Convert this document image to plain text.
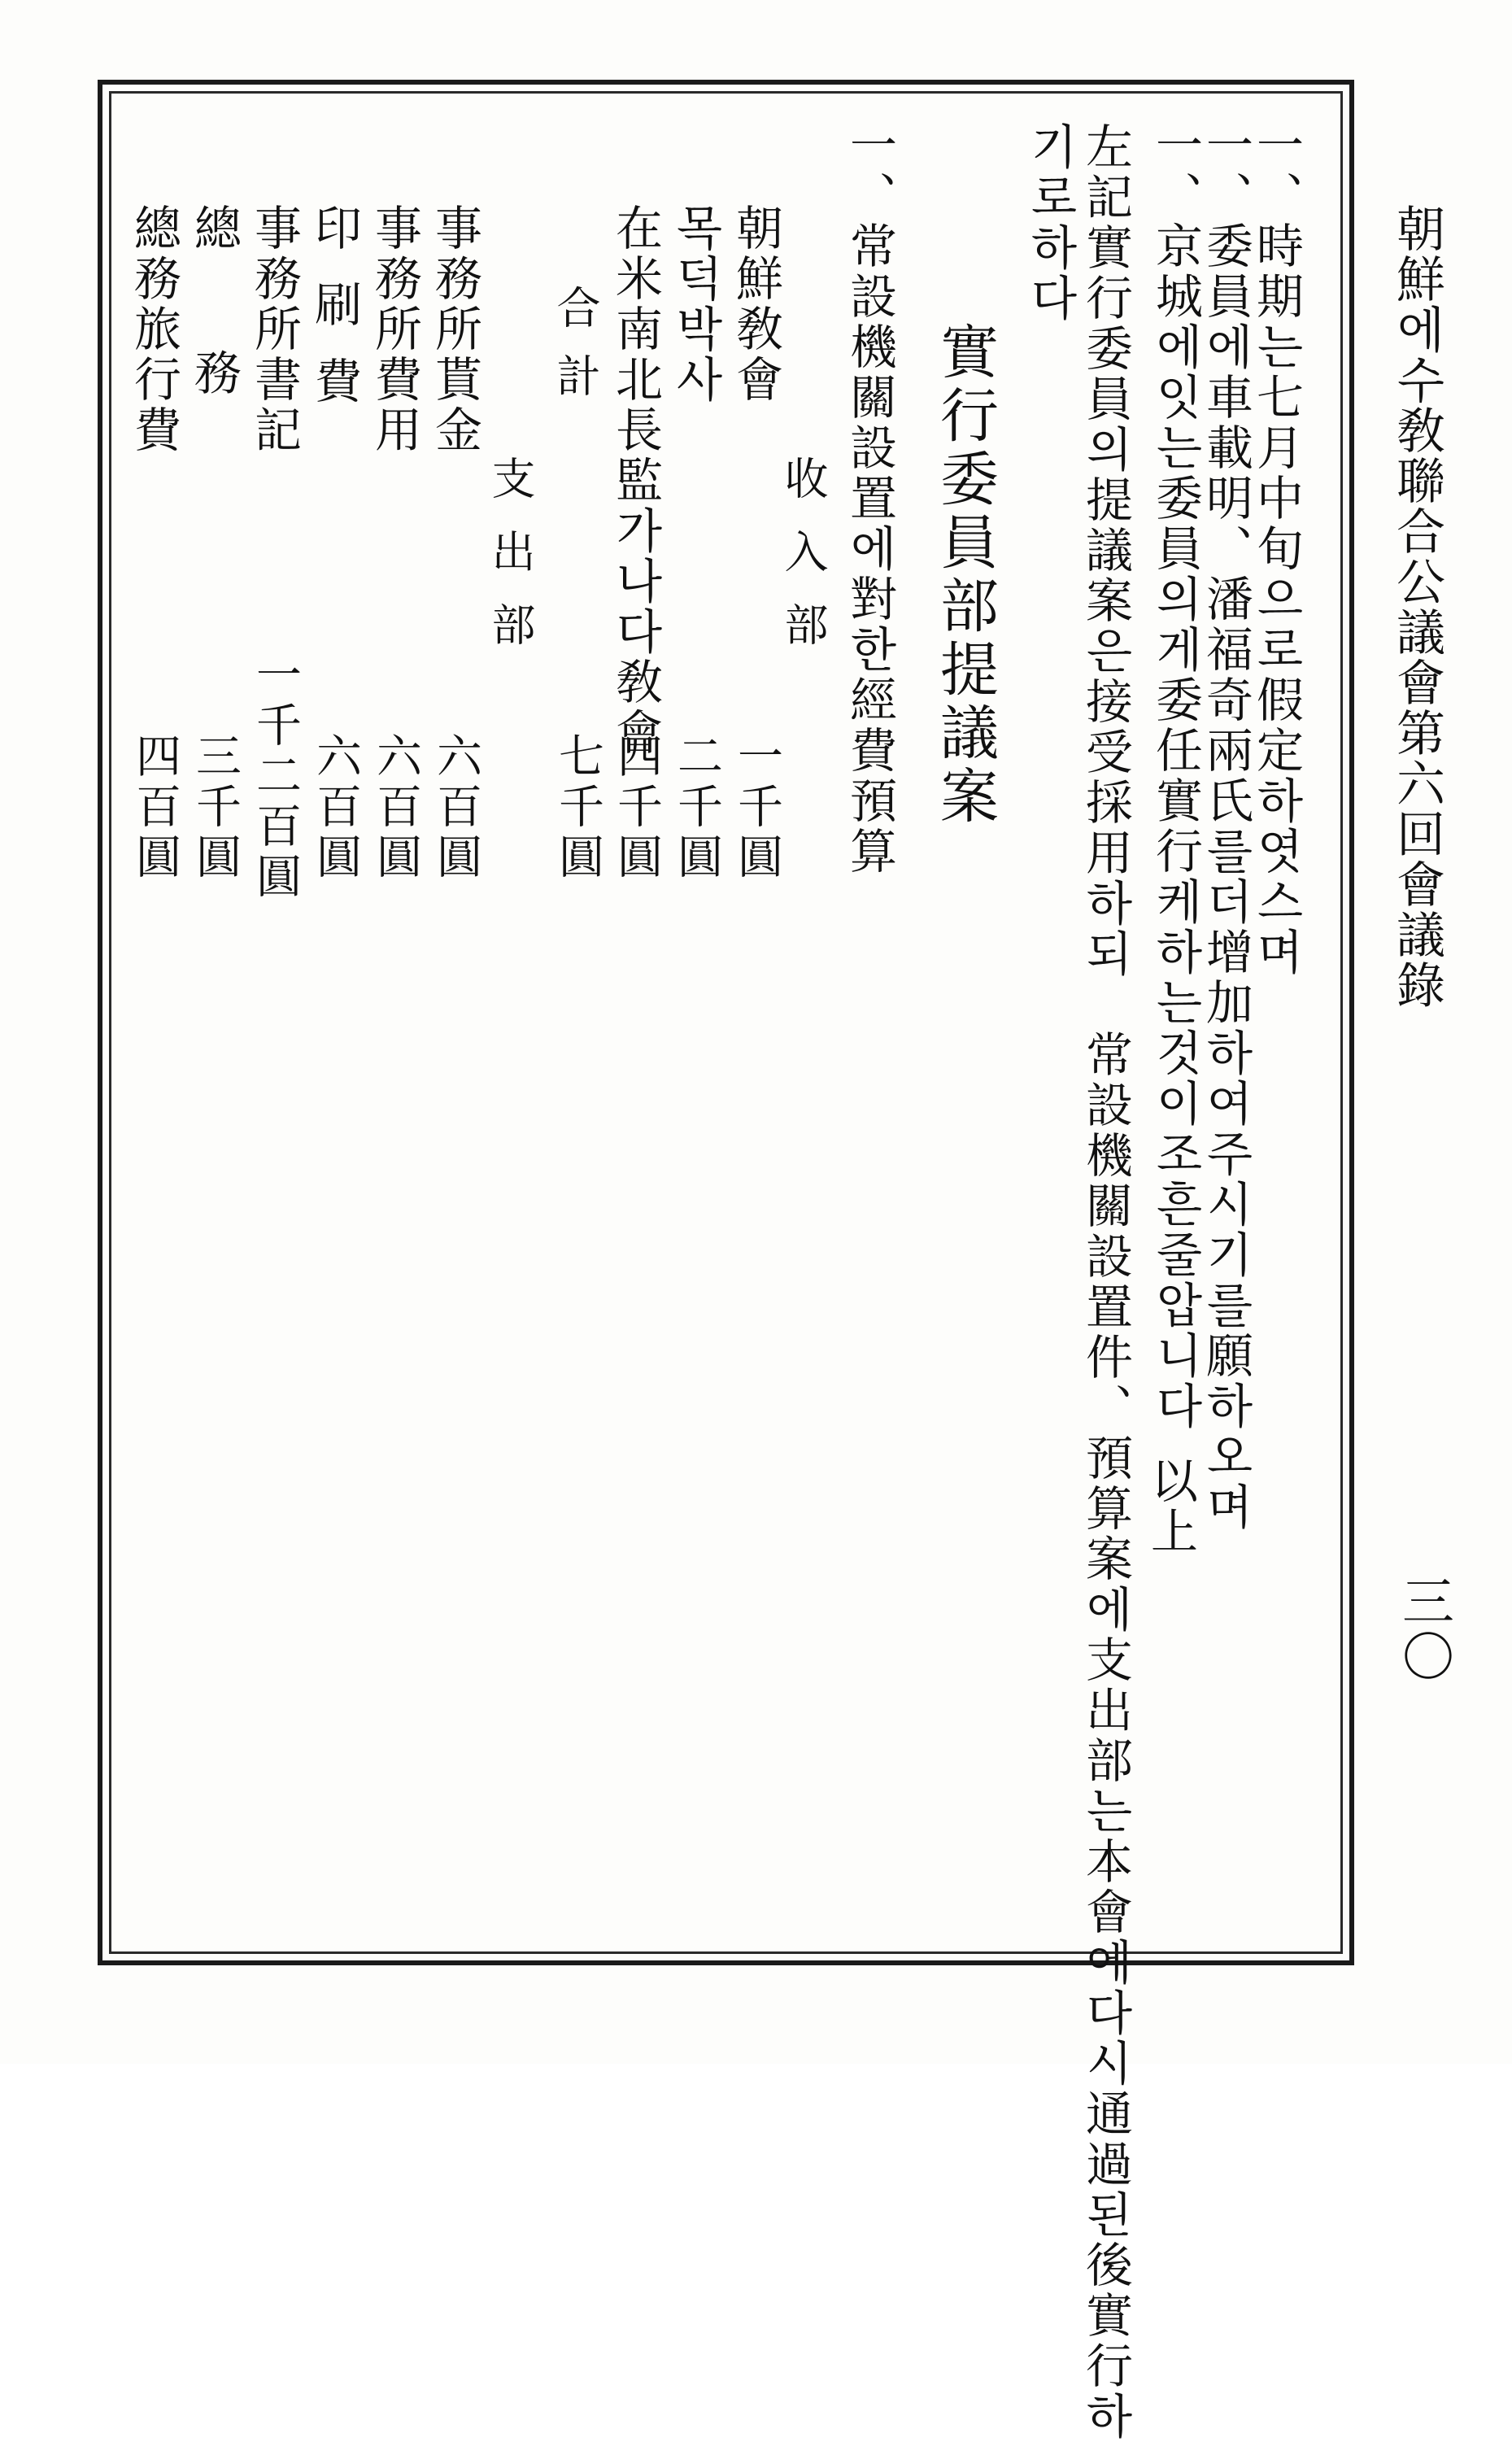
朝鮮에수敎聯合公議會第六回會議錄
三〇
一、時期는七月中旬으로假定하엿스며
一、委員에車載明、潘福奇兩氏를더增加하여주시기를願하오며
一、京城에잇는委員의게委任實行케하는것이조흔줄압니다
以上
左記實行委員의提議案은接受採用하되　常設機關設置件、預算案에支出部는本會에다시通過된後實行하
기로하다
實行委員部提議案
一、常設機關設置에對한經費預算
收入部
朝鮮敎會
一千圓
목덕박사
二千圓
在米南北長監가나다敎會
四千圓
合計
七千圓
支出部
事務所貰金
六百圓
事務所費用
六百圓
印刷費
六百圓
事務所書記
一千二百圓
總務
三千圓
總務旅行費
四百圓
